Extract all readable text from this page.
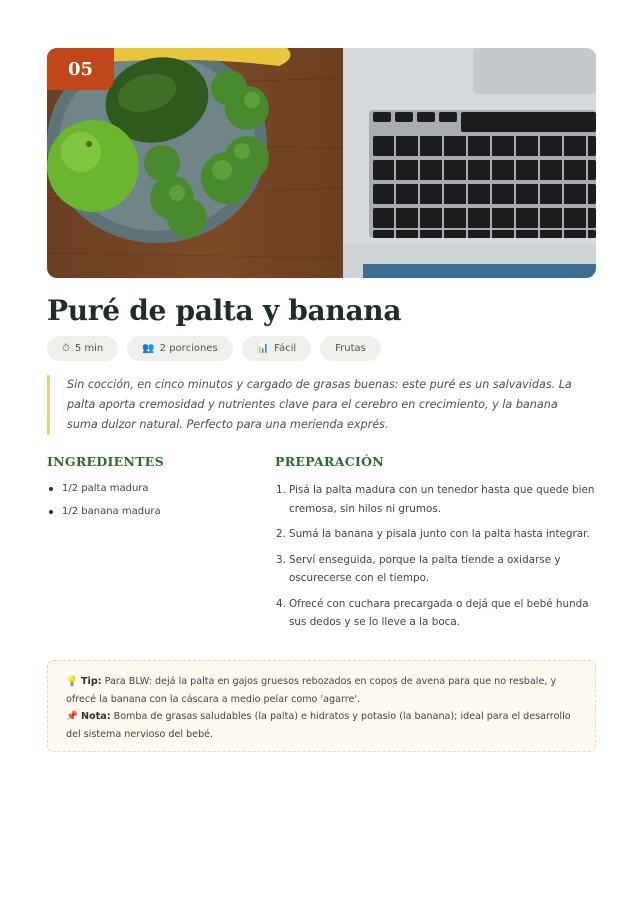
05
Puré de palta y banana
⏱ 5 min	👥 2 porciones	📊 Fácil	Frutas

Sin cocción, en cinco minutos y cargado de grasas buenas: este puré es un salvavidas. La palta aporta cremosidad y nutrientes clave para el cerebro en crecimiento, y la banana suma dulzor natural. Perfecto para una merienda exprés.

INGREDIENTES
1/2 palta madura
1/2 banana madura
PREPARACIÓN
1. Pisá la palta madura con un tenedor hasta que quede bien cremosa, sin hilos ni grumos.
2. Sumá la banana y pisala junto con la palta hasta integrar.
3. Serví enseguida, porque la palta tiende a oxidarse y oscurecerse con el tiempo.
4. Ofrecé con cuchara precargada o dejá que el bebé hunda sus dedos y se lo lleve a la boca.
💡 Tip: Para BLW: dejá la palta en gajos gruesos rebozados en copos de avena para que no resbale, y ofrecé la banana con la cáscara a medio pelar como 'agarre'.
📌 Nota: Bomba de grasas saludables (la palta) e hidratos y potasio (la banana); ideal para el desarrollo del sistema nervioso del bebé.
